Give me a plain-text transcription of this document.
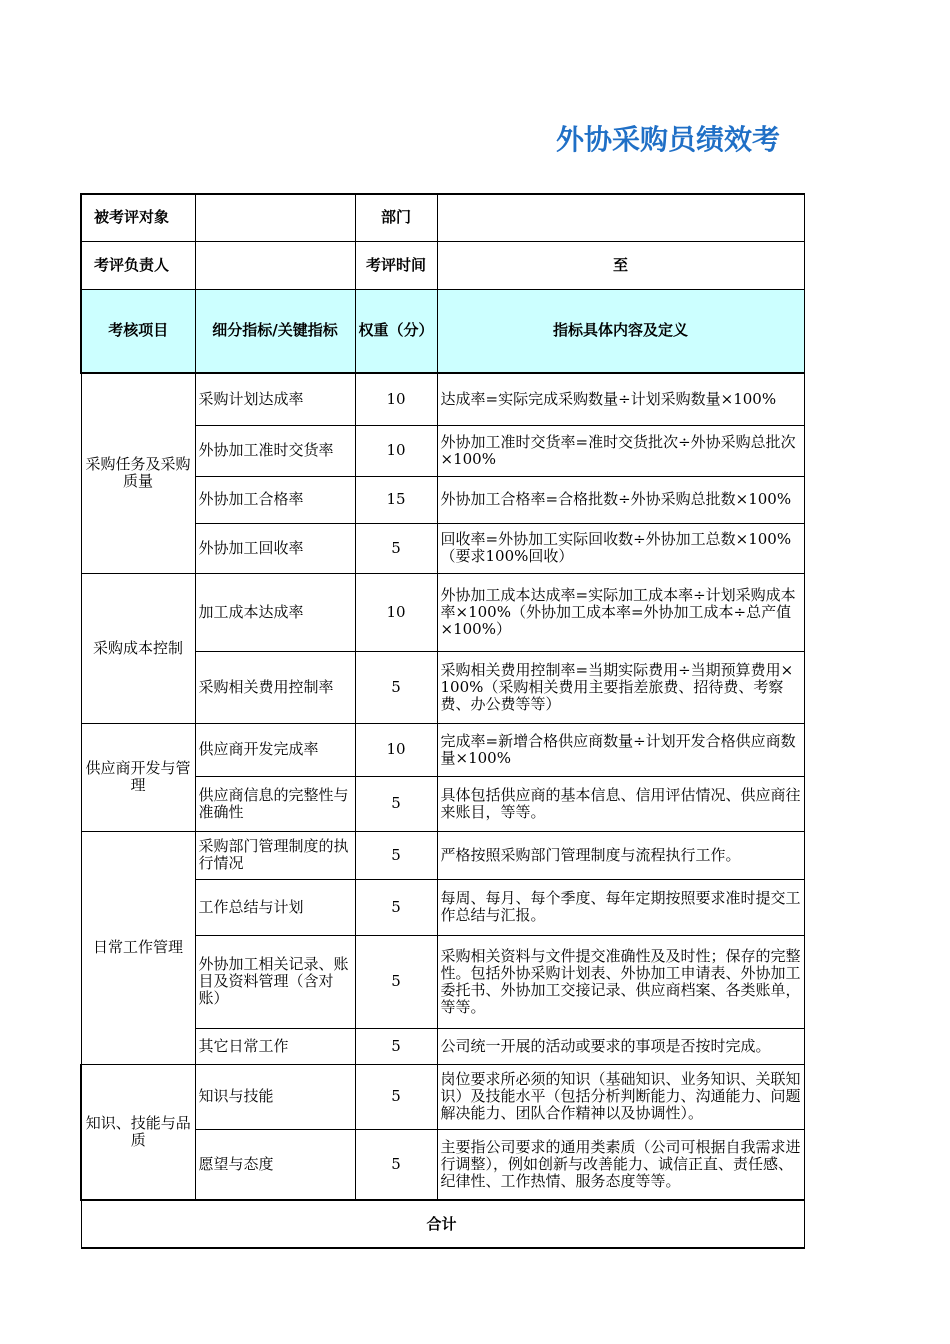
外协采购员绩效考
被考评对象		部门	
考评负责人		考评时间	至
考核项目	细分指标/关键指标	权重（分）	指标具体内容及定义
采购任务及采购质量	采购计划达成率	10	达成率=实际完成采购数量÷计划采购数量×100%
	外协加工准时交货率	10	外协加工准时交货率=准时交货批次÷外协采购总批次×100%
	外协加工合格率	15	外协加工合格率=合格批数÷外协采购总批数×100%
	外协加工回收率	5	回收率=外协加工实际回收数÷外协加工总数×100%（要求100%回收）
采购成本控制	加工成本达成率	10	外协加工成本达成率=实际加工成本率÷计划采购成本率×100%（外协加工成本率=外协加工成本÷总产值×100%）
	采购相关费用控制率	5	采购相关费用控制率=当期实际费用÷当期预算费用×100%（采购相关费用主要指差旅费、招待费、考察费、办公费等等）
供应商开发与管理	供应商开发完成率	10	完成率=新增合格供应商数量÷计划开发合格供应商数量×100%
	供应商信息的完整性与准确性	5	具体包括供应商的基本信息、信用评估情况、供应商往来账目，等等。
日常工作管理	采购部门管理制度的执行情况	5	严格按照采购部门管理制度与流程执行工作。
	工作总结与计划	5	每周、每月、每个季度、每年定期按照要求准时提交工作总结与汇报。
	外协加工相关记录、账目及资料管理（含对账）	5	采购相关资料与文件提交准确性及及时性；保存的完整性。包括外协采购计划表、外协加工申请表、外协加工委托书、外协加工交接记录、供应商档案、各类账单，等等。
	其它日常工作	5	公司统一开展的活动或要求的事项是否按时完成。
知识、技能与品质	知识与技能	5	岗位要求所必须的知识（基础知识、业务知识、关联知识）及技能水平（包括分析判断能力、沟通能力、问题解决能力、团队合作精神以及协调性）。
	愿望与态度	5	主要指公司要求的通用类素质（公司可根据自我需求进行调整），例如创新与改善能力、诚信正直、责任感、纪律性、工作热情、服务态度等等。
合计			
